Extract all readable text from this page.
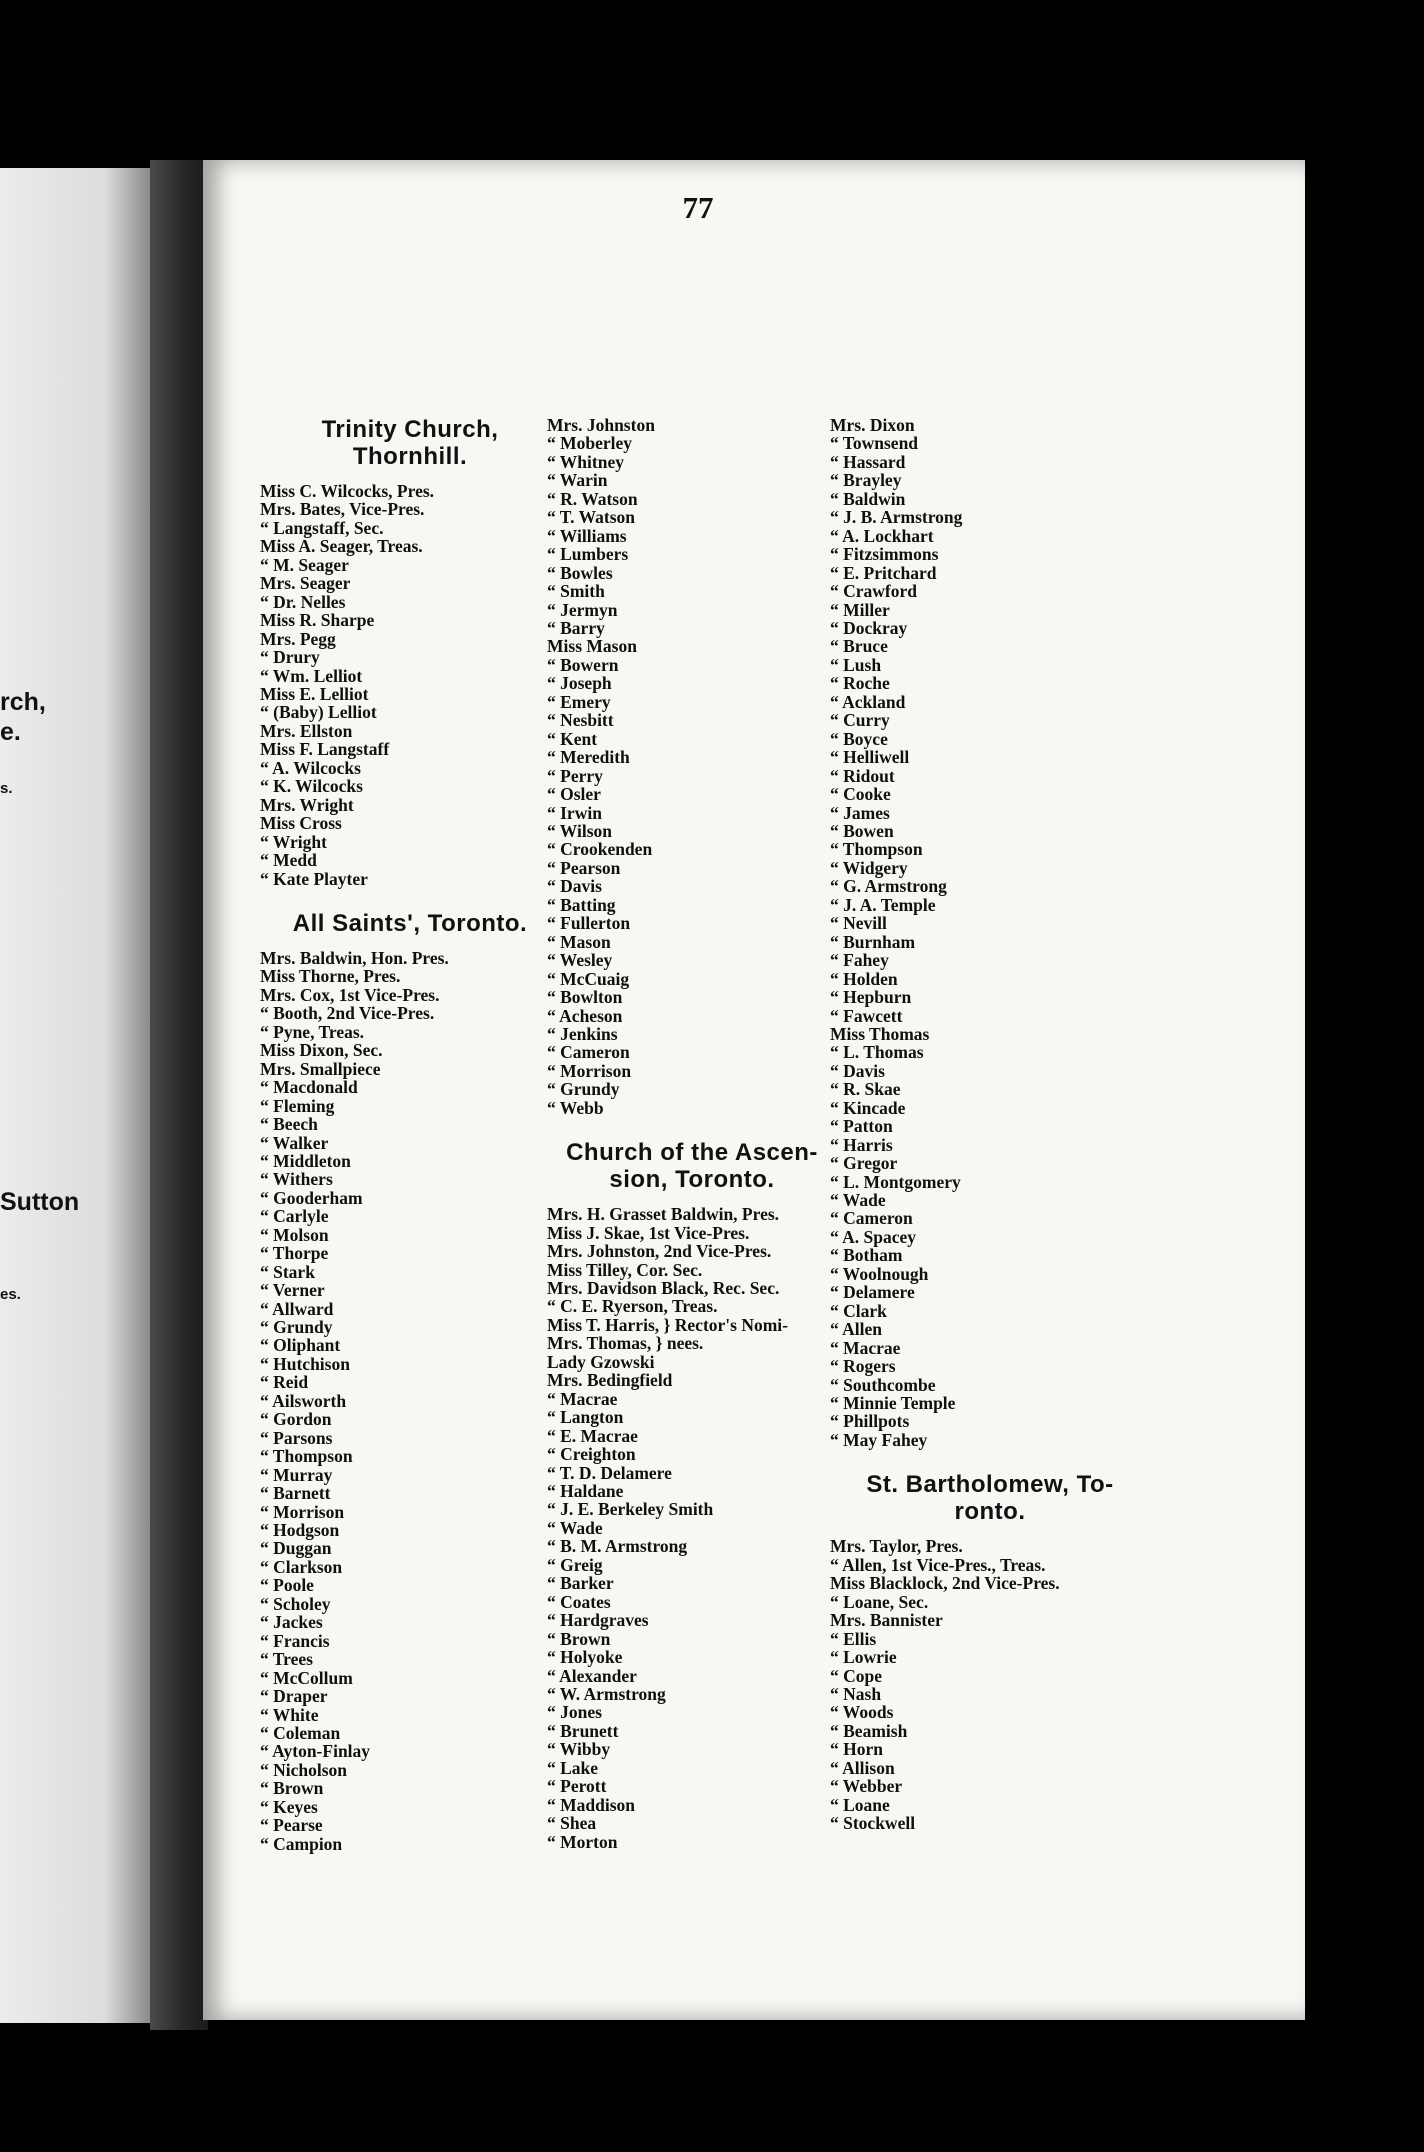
rch,
e.
s.
Sutton
es.
77
Trinity Church,
Thornhill.
Miss C. Wilcocks, Pres.
Mrs. Bates, Vice-Pres.
“ Langstaff, Sec.
Miss A. Seager, Treas.
“ M. Seager
Mrs. Seager
“ Dr. Nelles
Miss R. Sharpe
Mrs. Pegg
“ Drury
“ Wm. Lelliot
Miss E. Lelliot
“ (Baby) Lelliot
Mrs. Ellston
Miss F. Langstaff
“ A. Wilcocks
“ K. Wilcocks
Mrs. Wright
Miss Cross
“ Wright
“ Medd
“ Kate Playter
All Saints', Toronto.
Mrs. Baldwin, Hon. Pres.
Miss Thorne, Pres.
Mrs. Cox, 1st Vice-Pres.
“ Booth, 2nd Vice-Pres.
“ Pyne, Treas.
Miss Dixon, Sec.
Mrs. Smallpiece
“ Macdonald
“ Fleming
“ Beech
“ Walker
“ Middleton
“ Withers
“ Gooderham
“ Carlyle
“ Molson
“ Thorpe
“ Stark
“ Verner
“ Allward
“ Grundy
“ Oliphant
“ Hutchison
“ Reid
“ Ailsworth
“ Gordon
“ Parsons
“ Thompson
“ Murray
“ Barnett
“ Morrison
“ Hodgson
“ Duggan
“ Clarkson
“ Poole
“ Scholey
“ Jackes
“ Francis
“ Trees
“ McCollum
“ Draper
“ White
“ Coleman
“ Ayton-Finlay
“ Nicholson
“ Brown
“ Keyes
“ Pearse
“ Campion
Mrs. Johnston
“ Moberley
“ Whitney
“ Warin
“ R. Watson
“ T. Watson
“ Williams
“ Lumbers
“ Bowles
“ Smith
“ Jermyn
“ Barry
Miss Mason
“ Bowern
“ Joseph
“ Emery
“ Nesbitt
“ Kent
“ Meredith
“ Perry
“ Osler
“ Irwin
“ Wilson
“ Crookenden
“ Pearson
“ Davis
“ Batting
“ Fullerton
“ Mason
“ Wesley
“ McCuaig
“ Bowlton
“ Acheson
“ Jenkins
“ Cameron
“ Morrison
“ Grundy
“ Webb
Church of the Ascen-
sion, Toronto.
Mrs. H. Grasset Baldwin, Pres.
Miss J. Skae, 1st Vice-Pres.
Mrs. Johnston, 2nd Vice-Pres.
Miss Tilley, Cor. Sec.
Mrs. Davidson Black, Rec. Sec.
“ C. E. Ryerson, Treas.
Miss T. Harris, } Rector's Nomi-
Mrs. Thomas, } nees.
Lady Gzowski
Mrs. Bedingfield
“ Macrae
“ Langton
“ E. Macrae
“ Creighton
“ T. D. Delamere
“ Haldane
“ J. E. Berkeley Smith
“ Wade
“ B. M. Armstrong
“ Greig
“ Barker
“ Coates
“ Hardgraves
“ Brown
“ Holyoke
“ Alexander
“ W. Armstrong
“ Jones
“ Brunett
“ Wibby
“ Lake
“ Perott
“ Maddison
“ Shea
“ Morton
Mrs. Dixon
“ Townsend
“ Hassard
“ Brayley
“ Baldwin
“ J. B. Armstrong
“ A. Lockhart
“ Fitzsimmons
“ E. Pritchard
“ Crawford
“ Miller
“ Dockray
“ Bruce
“ Lush
“ Roche
“ Ackland
“ Curry
“ Boyce
“ Helliwell
“ Ridout
“ Cooke
“ James
“ Bowen
“ Thompson
“ Widgery
“ G. Armstrong
“ J. A. Temple
“ Nevill
“ Burnham
“ Fahey
“ Holden
“ Hepburn
“ Fawcett
Miss Thomas
“ L. Thomas
“ Davis
“ R. Skae
“ Kincade
“ Patton
“ Harris
“ Gregor
“ L. Montgomery
“ Wade
“ Cameron
“ A. Spacey
“ Botham
“ Woolnough
“ Delamere
“ Clark
“ Allen
“ Macrae
“ Rogers
“ Southcombe
“ Minnie Temple
“ Phillpots
“ May Fahey
St. Bartholomew, To-
ronto.
Mrs. Taylor, Pres.
“ Allen, 1st Vice-Pres., Treas.
Miss Blacklock, 2nd Vice-Pres.
“ Loane, Sec.
Mrs. Bannister
“ Ellis
“ Lowrie
“ Cope
“ Nash
“ Woods
“ Beamish
“ Horn
“ Allison
“ Webber
“ Loane
“ Stockwell
